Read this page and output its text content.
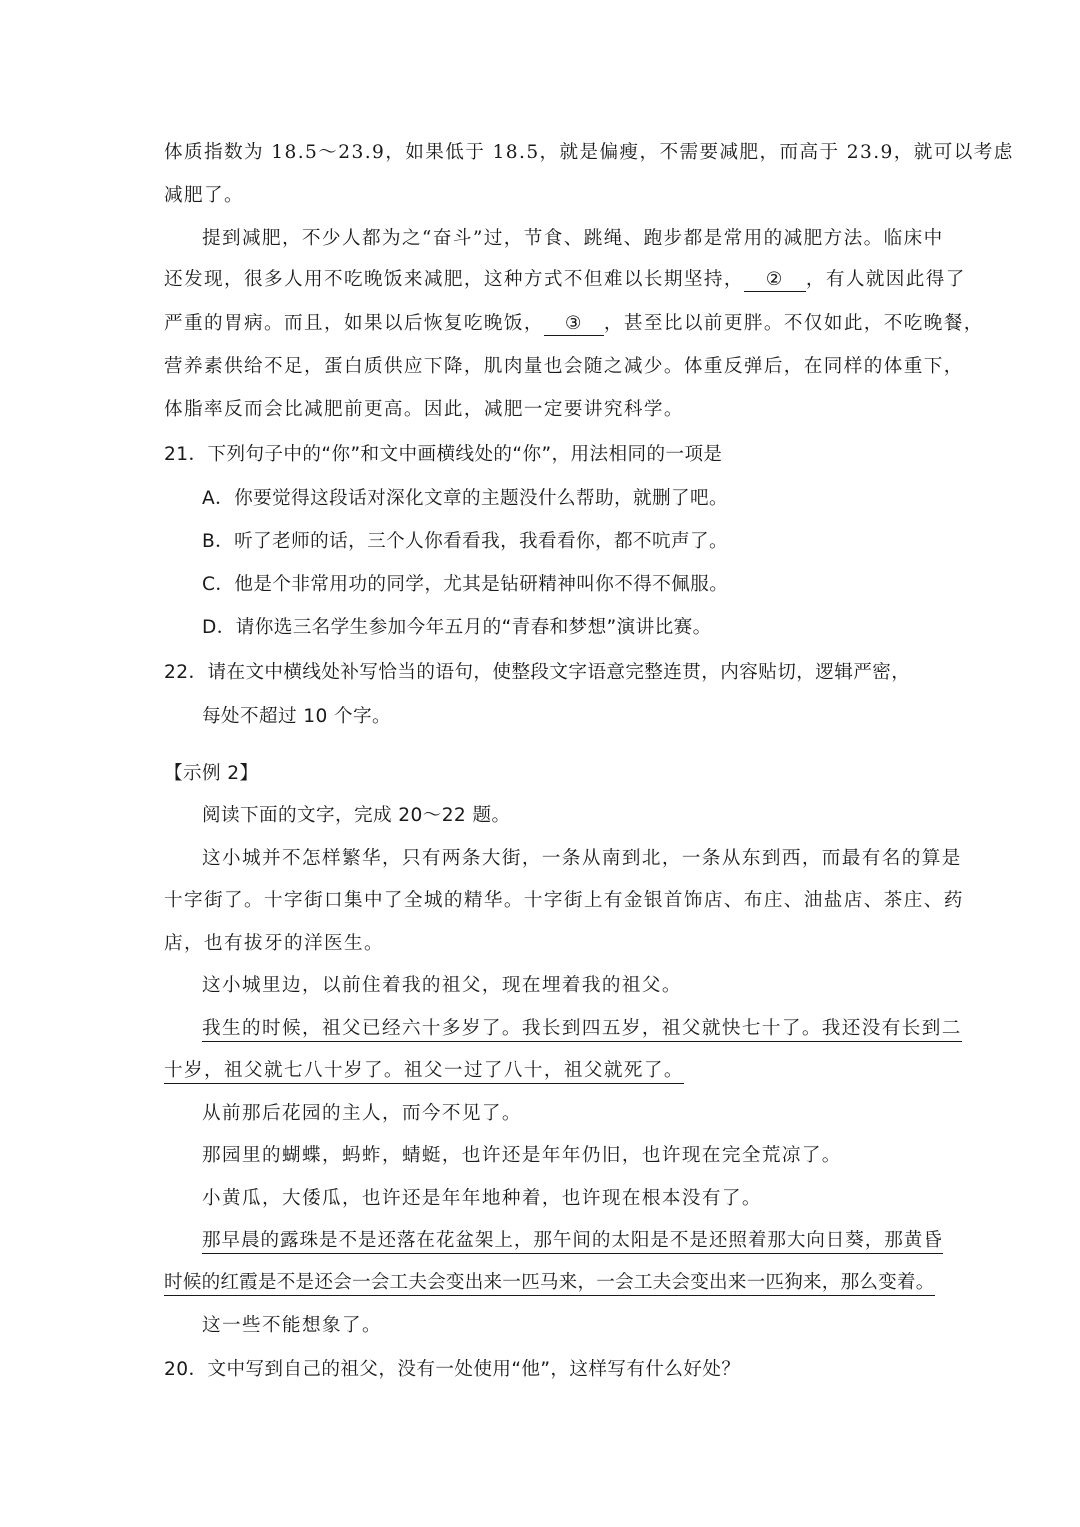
体质指数为 18.5～23.9，如果低于 18.5，就是偏瘦，不需要减肥，而高于 23.9，就可以考虑
减肥了。
提到减肥，不少人都为之“奋斗”过，节食、跳绳、跑步都是常用的减肥方法。临床中
还发现，很多人用不吃晚饭来减肥，这种方式不但难以长期坚持， ② ，有人就因此得了
严重的胃病。而且，如果以后恢复吃晚饭， ③ ，甚至比以前更胖。不仅如此，不吃晚餐，
营养素供给不足，蛋白质供应下降，肌肉量也会随之减少。体重反弹后，在同样的体重下，
体脂率反而会比减肥前更高。因此，减肥一定要讲究科学。
21．下列句子中的“你”和文中画横线处的“你”，用法相同的一项是
A．你要觉得这段话对深化文章的主题没什么帮助，就删了吧。
B．听了老师的话，三个人你看看我，我看看你，都不吭声了。
C．他是个非常用功的同学，尤其是钻研精神叫你不得不佩服。
D．请你选三名学生参加今年五月的“青春和梦想”演讲比赛。
22．请在文中横线处补写恰当的语句，使整段文字语意完整连贯，内容贴切，逻辑严密，
每处不超过 10 个字。
【示例 2】
阅读下面的文字，完成 20～22 题。
这小城并不怎样繁华，只有两条大街，一条从南到北，一条从东到西，而最有名的算是
十字街了。十字街口集中了全城的精华。十字街上有金银首饰店、布庄、油盐店、茶庄、药
店，也有拔牙的洋医生。
这小城里边，以前住着我的祖父，现在埋着我的祖父。
我生的时候，祖父已经六十多岁了。我长到四五岁，祖父就快七十了。我还没有长到二
十岁，祖父就七八十岁了。祖父一过了八十，祖父就死了。
从前那后花园的主人，而今不见了。
那园里的蝴蝶，蚂蚱，蜻蜓，也许还是年年仍旧，也许现在完全荒凉了。
小黄瓜，大倭瓜，也许还是年年地种着，也许现在根本没有了。
那早晨的露珠是不是还落在花盆架上，那午间的太阳是不是还照着那大向日葵，那黄昏
时候的红霞是不是还会一会工夫会变出来一匹马来，一会工夫会变出来一匹狗来，那么变着。
这一些不能想象了。
20．文中写到自己的祖父，没有一处使用“他”，这样写有什么好处？
